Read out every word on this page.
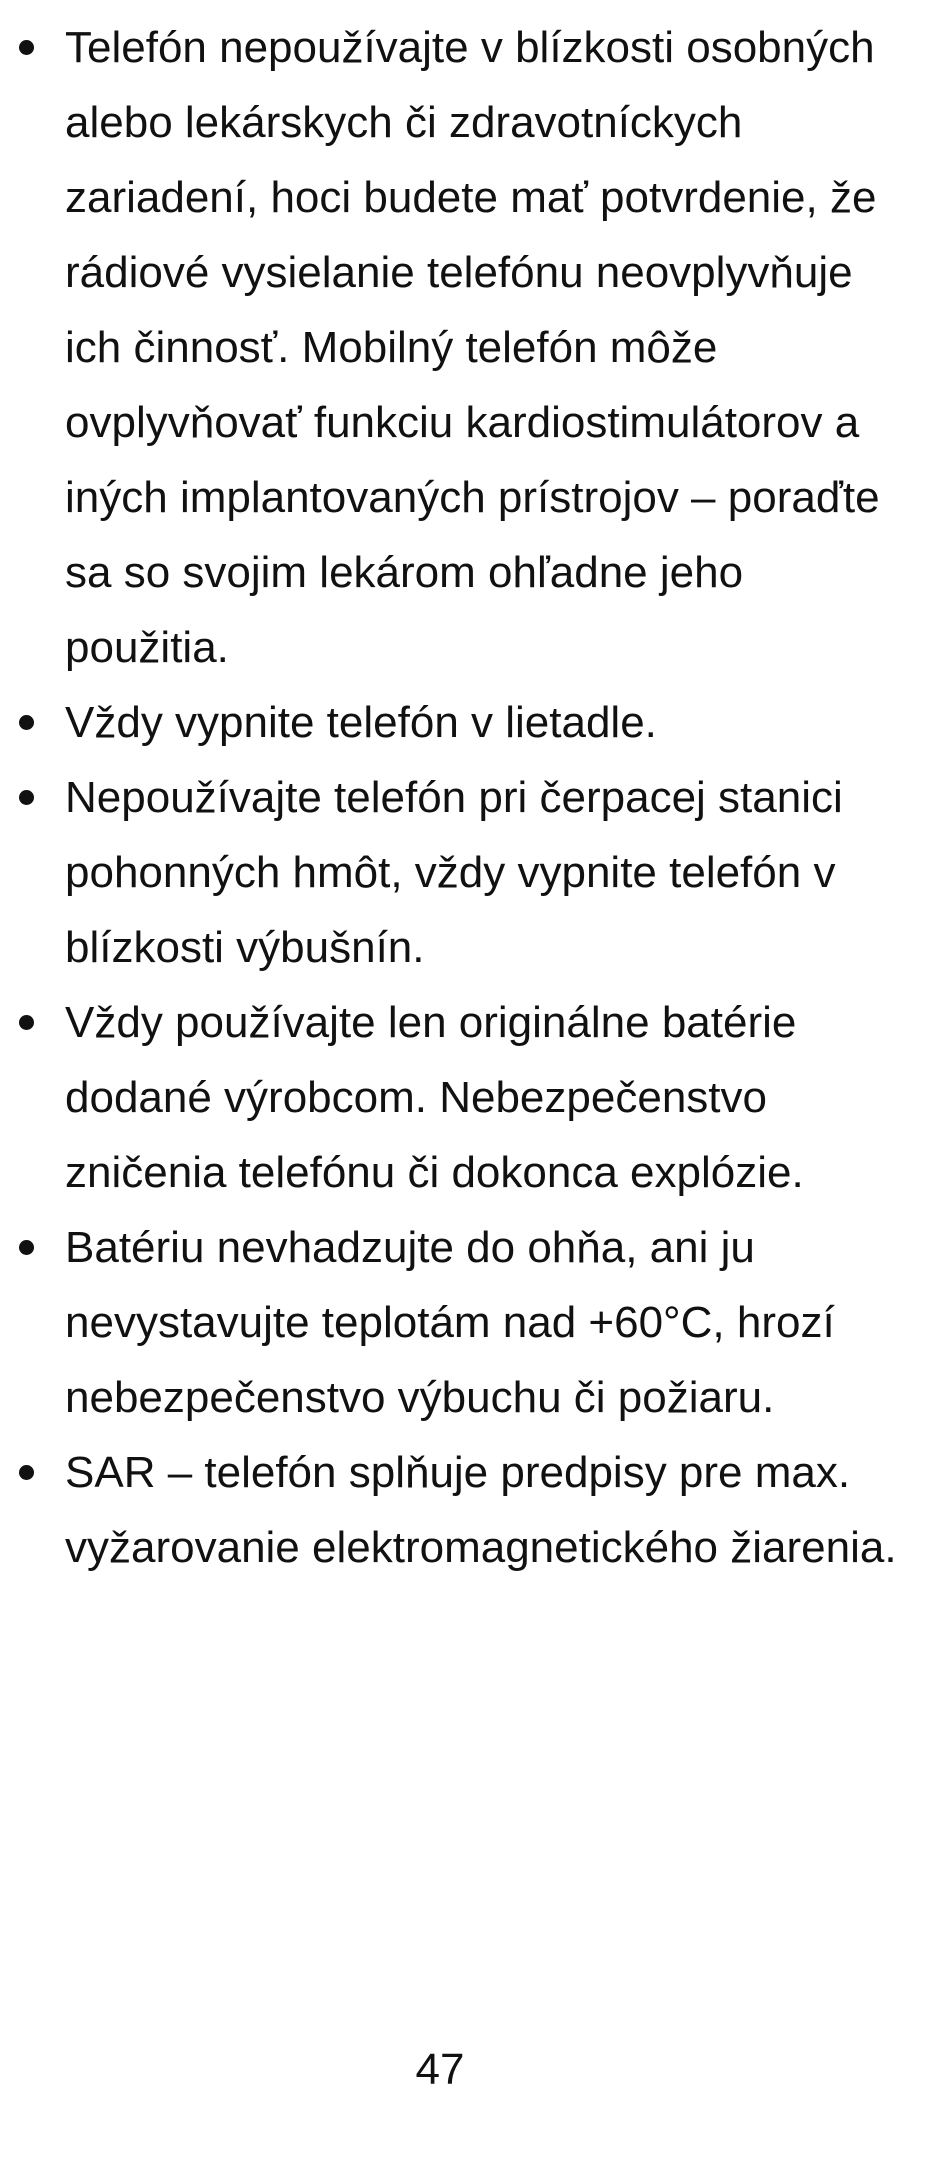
Telefón nepoužívajte v blízkosti osobných alebo lekárskych či zdravotníckych zariadení, hoci budete mať potvrdenie, že rádiové vysielanie telefónu neovplyvňuje ich činnosť. Mobilný telefón môže ovplyvňovať funkciu kardiostimulátorov a iných implantovaných prístrojov – poraďte sa so svojim lekárom ohľadne jeho použitia.
Vždy vypnite telefón v lietadle.
Nepoužívajte telefón pri čerpacej stanici pohonných hmôt, vždy vypnite telefón v blízkosti výbušnín.
Vždy používajte len originálne batérie dodané výrobcom. Nebezpečenstvo zničenia telefónu či dokonca explózie.
Batériu nevhadzujte do ohňa, ani ju nevystavujte teplotám nad +60°C, hrozí nebezpečenstvo výbuchu či požiaru.
SAR – telefón splňuje predpisy pre max. vyžarovanie elektromagnetického žiarenia.
47
